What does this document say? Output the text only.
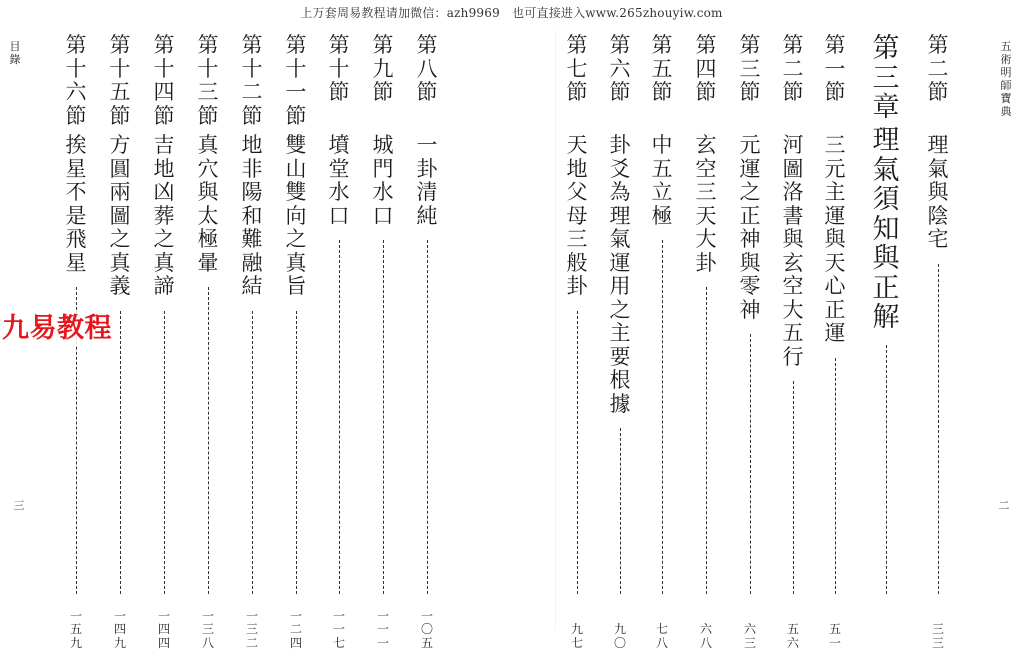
上万套周易教程请加微信：azh9969　也可直接进入www.265zhouyiw.com
目
錄
三
五
術
明
師
寶
典
二
第
二
節
理
氣
與
陰
宅
三
三
第
三
章
理
氣
須
知
與
正
解
第
一
節
三
元
主
運
與
天
心
正
運
五
一
第
二
節
河
圖
洛
書
與
玄
空
大
五
行
五
六
第
三
節
元
運
之
正
神
與
零
神
六
三
第
四
節
玄
空
三
天
大
卦
六
八
第
五
節
中
五
立
極
七
八
第
六
節
卦
爻
為
理
氣
運
用
之
主
要
根
據
九
〇
第
七
節
天
地
父
母
三
般
卦
九
七
第
八
節
一
卦
清
純
一
〇
五
第
九
節
城
門
水
口
一
一
一
第
十
節
墳
堂
水
口
一
一
七
第
十
一
節
雙
山
雙
向
之
真
旨
一
二
四
第
十
二
節
地
非
陽
和
難
融
結
一
三
二
第
十
三
節
真
穴
與
太
極
暈
一
三
八
第
十
四
節
吉
地
凶
葬
之
真
諦
一
四
四
第
十
五
節
方
圓
兩
圖
之
真
義
一
四
九
第
十
六
節
挨
星
不
是
飛
星
一
五
九
九易教程
